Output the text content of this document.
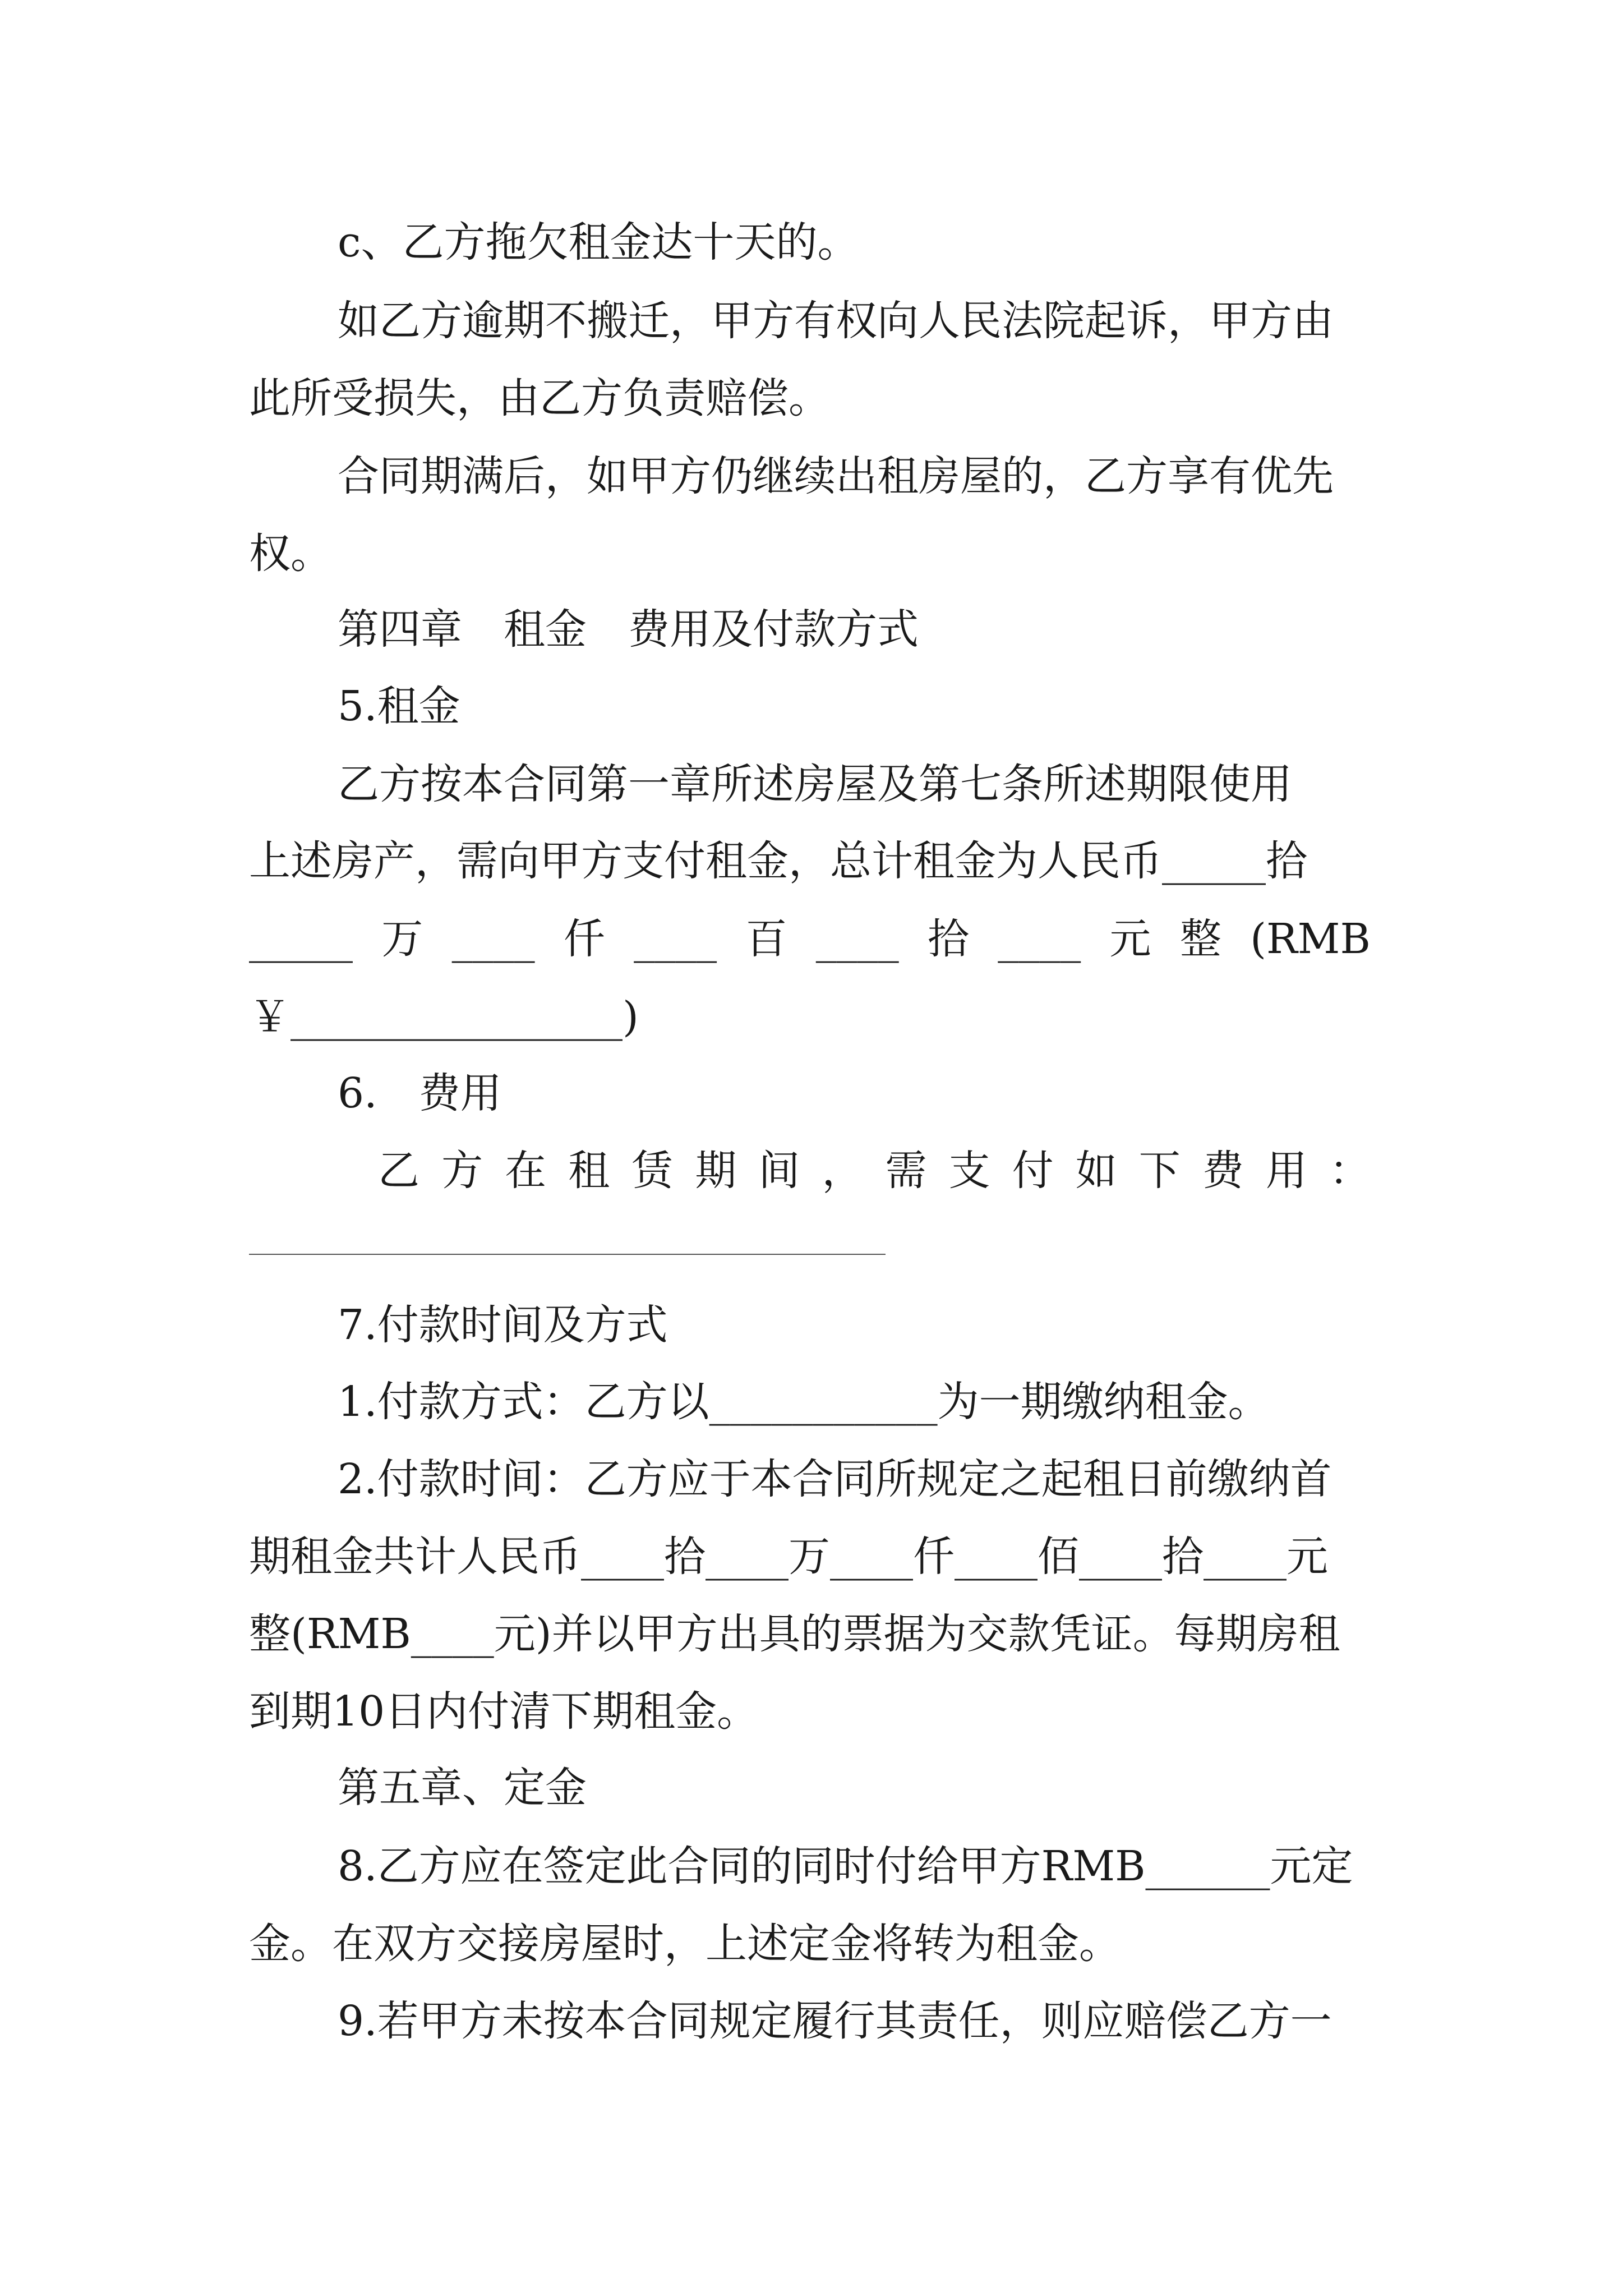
c、乙方拖欠租金达十天的。
如乙方逾期不搬迁，甲方有权向人民法院起诉，甲方由
此所受损失，由乙方负责赔偿。
合同期满后，如甲方仍继续出租房屋的，乙方享有优先
权。
第四章　租金　费用及付款方式
5.租金
乙方按本合同第一章所述房屋及第七条所述期限使用
上述房产，需向甲方支付租金，总计租金为人民币_____拾
_____ 万 ____ 仟 ____ 百 ____ 拾 ____ 元 整 (RMB
￥________________)
6.　费用
乙 方 在 租 赁 期 间 ， 需 支 付 如 下 费 用 ：
7.付款时间及方式
1.付款方式：乙方以___________为一期缴纳租金。
2.付款时间：乙方应于本合同所规定之起租日前缴纳首
期租金共计人民币____拾____万____仟____佰____拾____元
整(RMB____元)并以甲方出具的票据为交款凭证。每期房租
到期10日内付清下期租金。
第五章、定金
8.乙方应在签定此合同的同时付给甲方RMB______元定
金。在双方交接房屋时，上述定金将转为租金。
9.若甲方未按本合同规定履行其责任，则应赔偿乙方一
